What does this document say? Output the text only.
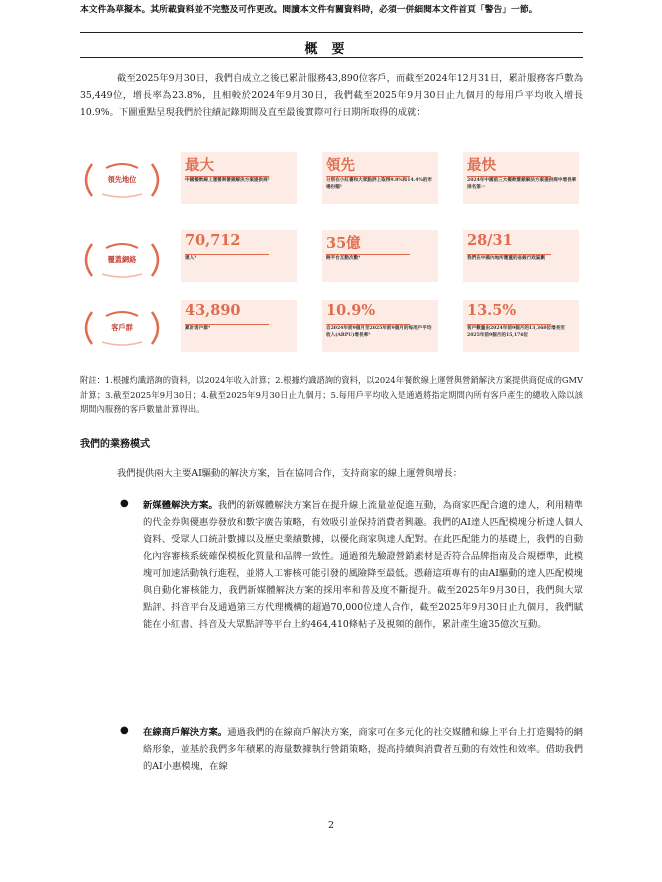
本文件為草擬本。其所載資料並不完整及可作更改。閱讀本文件有關資料時，必須一併細閱本文件首頁「警告」一節。
概要
截至2025年9月30日，我們自成立之後已累計服務43,890位客戶，而截至2024年12月31日，累計服務客戶數為35,449位，增長率為23.8%，且相較於2024年9月30日，我們截至2025年9月30日止九個月的每用戶平均收入增長10.9%。下圖重點呈現我們於往績記錄期間及直至最後實際可行日期所取得的成就：
領先地位
最大
中國餐飲線上運營與營銷解決方案提供商¹
領先
分別在小紅書和大眾點評上取得9.8%和14.4%的市場份額²
最快
2024年中國前三大餐飲營銷解決方案提供商中增長率排名第一
覆蓋網絡
70,712
達人³
35億
跨平台互動次數⁴
28/31
我們在中國內地所覆蓋的省級行政區劃
客戶群
43,890
累計客戶群⁴
10.9%
自2024年前9個月至2025年前9個月的每用戶平均收入(ARPU)增長率⁵
13.5%
客戶數量由2024年前9個月的13,368位增長至2025年前9個月的15,176位
附註：1.根據灼識諮詢的資料，以2024年收入計算；2.根據灼識諮詢的資料，以2024年餐飲線上運營與營銷解決方案提供商促成的GMV計算；3.截至2025年9月30日；4.截至2025年9月30日止九個月；5.每用戶平均收入是通過將指定期間內所有客戶產生的總收入除以該期間內服務的客戶數量計算得出。
我們的業務模式
我們提供兩大主要AI驅動的解決方案，旨在協同合作，支持商家的線上運營與增長：
● 新媒體解決方案。我們的新媒體解決方案旨在提升線上流量並促進互動，為商家匹配合適的達人，利用精準的代金券與優惠券發放和數字廣告策略，有效吸引並保持消費者興趣。我們的AI達人匹配模塊分析達人個人資料、受眾人口統計數據以及歷史業績數據，以優化商家與達人配對。在此匹配能力的基礎上，我們的自動化內容審核系統確保模板化質量和品牌一致性。通過預先驗證營銷素材是否符合品牌指南及合規標準，此模塊可加速活動執行進程，並將人工審核可能引發的風險降至最低。憑藉這項專有的由AI驅動的達人匹配模塊與自動化審核能力，我們新媒體解決方案的採用率和普及度不斷提升。截至2025年9月30日，我們與大眾點評、抖音平台及通過第三方代理機構的超過70,000位達人合作，截至2025年9月30日止九個月，我們賦能在小紅書、抖音及大眾點評等平台上約464,410條帖子及視頻的創作，累計產生逾35億次互動。
● 在線商戶解決方案。通過我們的在線商戶解決方案，商家可在多元化的社交媒體和線上平台上打造獨特的網絡形象，並基於我們多年積累的海量數據執行營銷策略，提高持續與消費者互動的有效性和效率。借助我們的AI小惠模塊，在線
2
